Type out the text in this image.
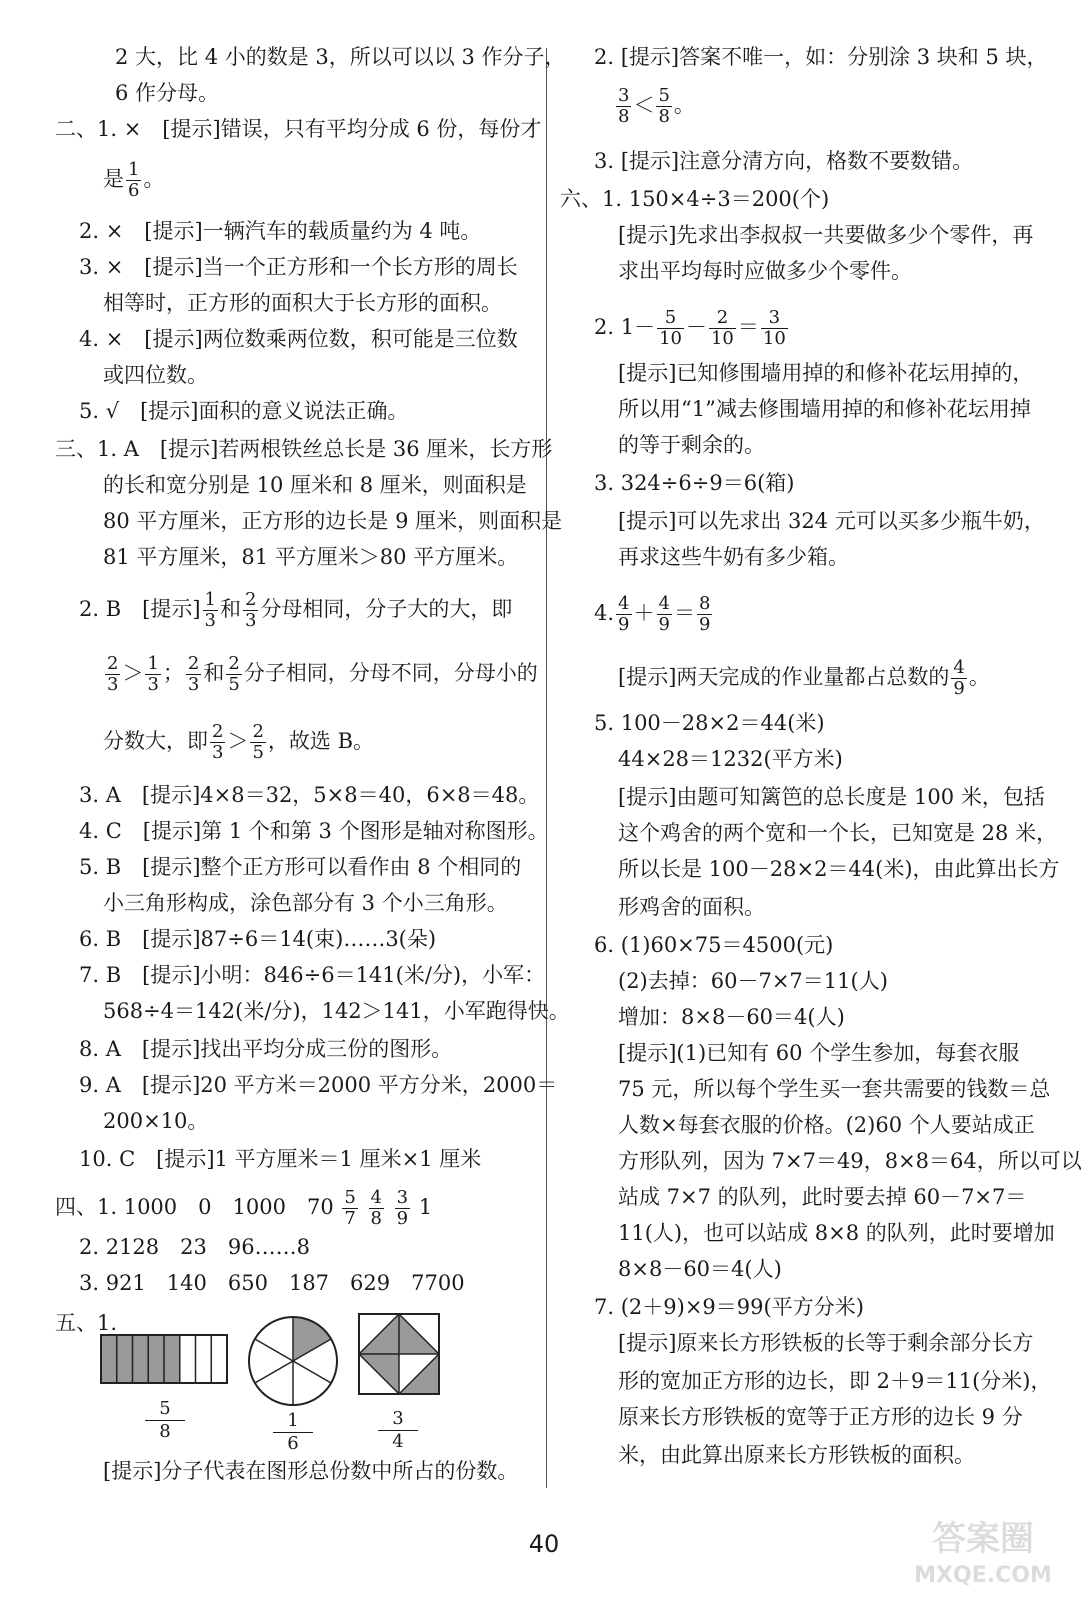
2 大，比 4 小的数是 3，所以可以以 3 作分子，
6 作分母。
二、1. ×　[提示]错误，只有平均分成 6 份，每份才
是 $\frac{1}{6}$ 。
2. ×　[提示]一辆汽车的载质量约为 4 吨。
3. ×　[提示]当一个正方形和一个长方形的周长
相等时，正方形的面积大于长方形的面积。
4. ×　[提示]两位数乘两位数，积可能是三位数
或四位数。
5. √　[提示]面积的意义说法正确。
三、1. A　[提示]若两根铁丝总长是 36 厘米，长方形
的长和宽分别是 10 厘米和 8 厘米，则面积是
80 平方厘米，正方形的边长是 9 厘米，则面积是
81 平方厘米，81 平方厘米＞80 平方厘米。
2. B　[提示] $\frac{1}{3}$ 和 $\frac{2}{3}$ 分母相同，分子大的大，即
$\frac{2}{3} > \frac{1}{3}$ ； $\frac{2}{3}$ 和 $\frac{2}{5}$ 分子相同，分母不同，分母小的
分数大，即 $\frac{2}{3} > \frac{2}{5}$ ，故选 B。
3. A　[提示]4×8＝32，5×8＝40，6×8＝48。
4. C　[提示]第 1 个和第 3 个图形是轴对称图形。
5. B　[提示]整个正方形可以看作由 8 个相同的
小三角形构成，涂色部分有 3 个小三角形。
6. B　[提示]87÷6＝14(束)……3(朵)
7. B　[提示]小明：846÷6＝141(米/分)，小军：
568÷4＝142(米/分)，142＞141，小军跑得快。
8. A　[提示]找出平均分成三份的图形。
9. A　[提示]20 平方米＝2000 平方分米，2000＝
200×10。
10. C　[提示]1 平方厘米＝1 厘米×1 厘米
四、1. 1000　0　1000　$70 \frac{5}{7}$
$\frac{4}{8}$
$\frac{3}{9} 1$
2. 2128　23　96……8
3. 921　140　650　187　629　7700
五、1.
$\frac{5}{8}$	$\frac{1}{6}$	$\frac{3}{4}$
[提示]分子代表在图形总份数中所占的份数。
2. [提示]答案不唯一，如：分别涂 3 块和 5 块，
$\frac{3}{8} < \frac{5}{8}$ 。
3. [提示]注意分清方向，格数不要数错。
六、1. 150×4÷3＝200(个)
[提示]先求出李叔叔一共要做多少个零件，再
求出平均每时应做多少个零件。
2. $1- \frac{5}{10} - \frac{2}{10} = \frac{3}{10}$
[提示]已知修围墙用掉的和修补花坛用掉的，
所以用“1”减去修围墙用掉的和修补花坛用掉
的等于剩余的。
3. 324÷6÷9＝6(箱)
[提示]可以先求出 324 元可以买多少瓶牛奶，
再求这些牛奶有多少箱。
4. $\frac{4}{9} + \frac{4}{9} = \frac{8}{9}$
[提示]两天完成的作业量都占总数的 $\frac{4}{9}$ 。
5. 100－28×2＝44(米)
44×28＝1232(平方米)
[提示]由题可知篱笆的总长度是 100 米，包括
这个鸡舍的两个宽和一个长，已知宽是 28 米，
所以长是 100－28×2＝44(米)，由此算出长方
形鸡舍的面积。
6. (1)60×75＝4500(元)
(2)去掉：60－7×7＝11(人)
增加：8×8－60＝4(人)
[提示](1)已知有 60 个学生参加，每套衣服
75 元，所以每个学生买一套共需要的钱数＝总
人数×每套衣服的价格。(2)60 个人要站成正
方形队列，因为 7×7＝49，8×8＝64，所以可以
站成 7×7 的队列，此时要去掉 60－7×7＝
11(人)，也可以站成 8×8 的队列，此时要增加
8×8－60＝4(人)
7. (2＋9)×9＝99(平方分米)
[提示]原来长方形铁板的长等于剩余部分长方
形的宽加正方形的边长，即 2＋9＝11(分米)，
原来长方形铁板的宽等于正方形的边长 9 分
米，由此算出原来长方形铁板的面积。
40	答案圈
MXQE.COM
